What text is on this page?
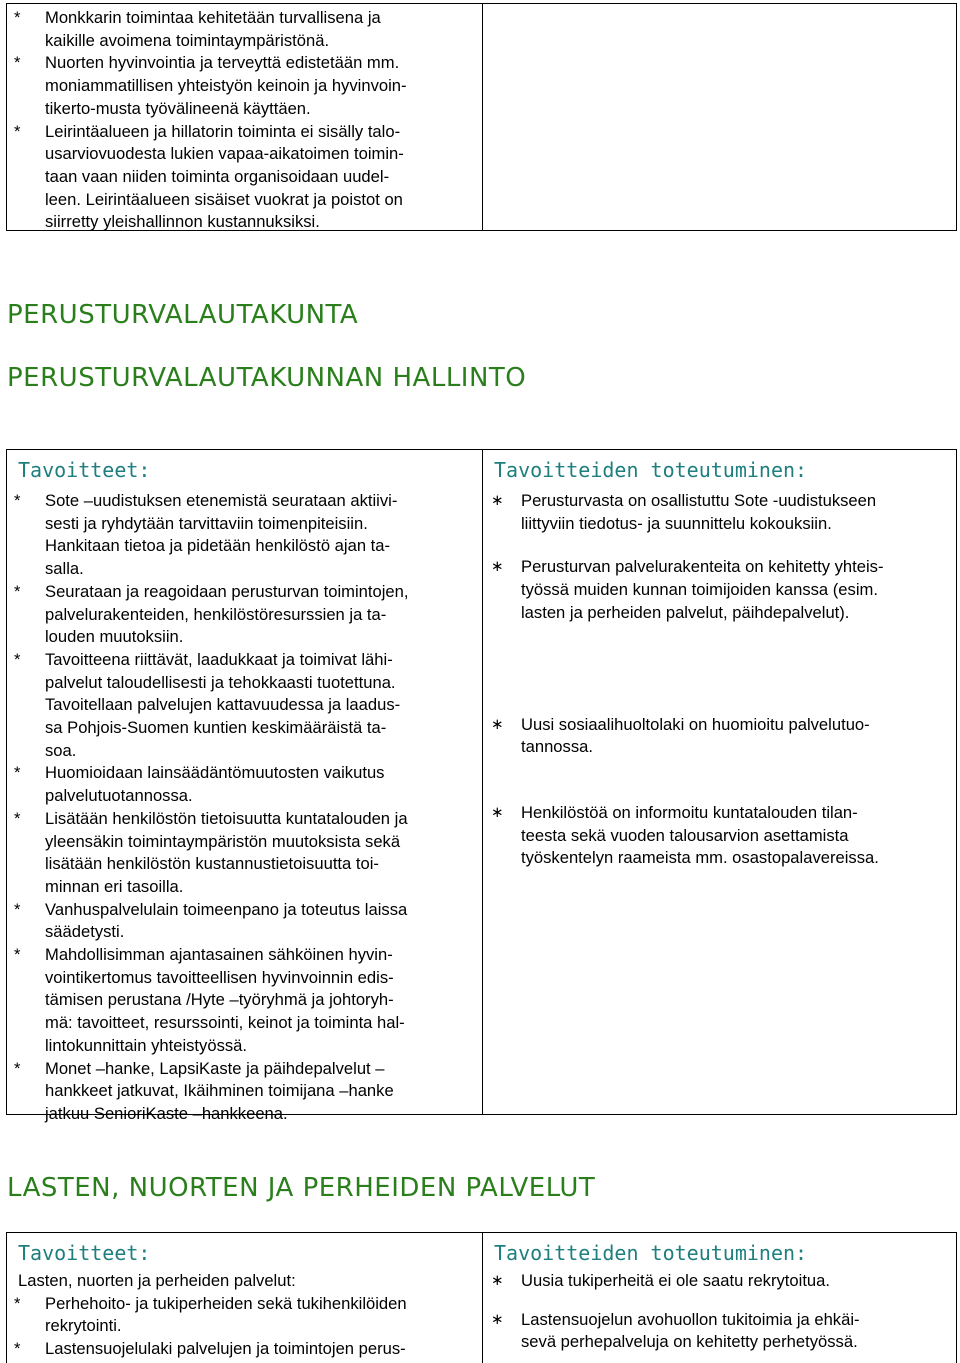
*	Monkkarin toimintaa kehitetään turvallisena ja
kaikille avoimena toimintaympäristönä.
*	Nuorten hyvinvointia ja terveyttä edistetään mm.
moniammatillisen yhteistyön keinoin ja hyvinvoin-
tikerto-musta työvälineenä käyttäen.
*	Leirintäalueen ja hillatorin toiminta ei sisälly talo-
usarviovuodesta lukien vapaa-aikatoimen toimin-
taan vaan niiden toiminta organisoidaan uudel-
leen. Leirintäalueen sisäiset vuokrat ja poistot on
siirretty yleishallinnon kustannuksiksi.
PERUSTURVALAUTAKUNTA
PERUSTURVALAUTAKUNNAN HALLINTO
Tavoitteet:
*	Sote –uudistuksen etenemistä seurataan aktiivi-
sesti ja ryhdytään tarvittaviin toimenpiteisiin.
Hankitaan tietoa ja pidetään henkilöstö ajan ta-
salla.
*	Seurataan ja reagoidaan perusturvan toimintojen,
palvelurakenteiden, henkilöstöresurssien ja ta-
louden muutoksiin.
*	Tavoitteena riittävät, laadukkaat ja toimivat lähi-
palvelut taloudellisesti ja tehokkaasti tuotettuna.
Tavoitellaan palvelujen kattavuudessa ja laadus-
sa Pohjois-Suomen kuntien keskimääräistä ta-
soa.
*	Huomioidaan lainsäädäntömuutosten vaikutus
palvelutuotannossa.
*	Lisätään henkilöstön tietoisuutta kuntatalouden ja
yleensäkin toimintaympäristön muutoksista sekä
lisätään henkilöstön kustannustietoisuutta toi-
minnan eri tasoilla.
*	Vanhuspalvelulain toimeenpano ja toteutus laissa
säädetysti.
*	Mahdollisimman ajantasainen sähköinen hyvin-
vointikertomus tavoitteellisen hyvinvoinnin edis-
tämisen perustana /Hyte –työryhmä ja johtoryh-
mä: tavoitteet, resurssointi, keinot ja toiminta hal-
lintokunnittain yhteistyössä.
*	Monet –hanke, LapsiKaste ja päihdepalvelut –
hankkeet jatkuvat, Ikäihminen toimijana –hanke
jatkuu SenioriKaste –hankkeena.
Tavoitteiden toteutuminen:
∗	Perusturvasta on osallistuttu Sote -uudistukseen
liittyviin tiedotus- ja suunnittelu kokouksiin.
∗	Perusturvan palvelurakenteita on kehitetty yhteis-
työssä muiden kunnan toimijoiden kanssa (esim.
lasten ja perheiden palvelut, päihdepalvelut).
∗	Uusi sosiaalihuoltolaki on huomioitu palvelutuo-
tannossa.
∗	Henkilöstöä on informoitu kuntatalouden tilan-
teesta sekä vuoden talousarvion asettamista
työskentelyn raameista mm. osastopalavereissa.
LASTEN, NUORTEN JA PERHEIDEN PALVELUT
Tavoitteet:
Lasten, nuorten ja perheiden palvelut:
*	Perhehoito- ja tukiperheiden sekä tukihenkilöiden
rekrytointi.
*	Lastensuojelulaki palvelujen ja toimintojen perus-
Tavoitteiden toteutuminen:
∗	Uusia tukiperheitä ei ole saatu rekrytoitua.
∗	Lastensuojelun avohuollon tukitoimia ja ehkäi-
sevä perhepalveluja on kehitetty perhetyössä.
